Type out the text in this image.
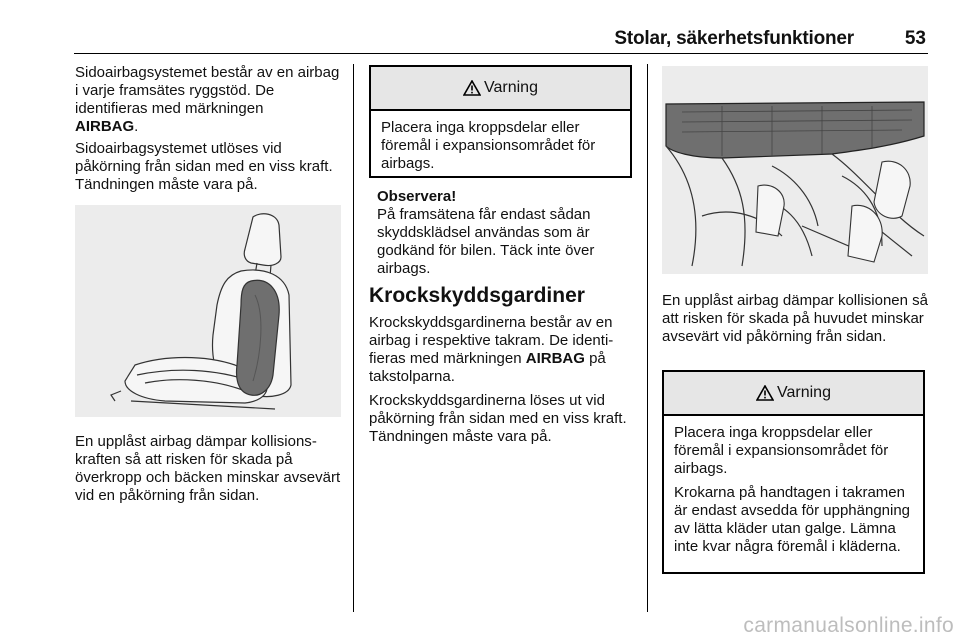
Stolar, säkerhetsfunktioner	53

Sidoairbagsystemet består av en airbag i varje framsätes ryggstöd. De identifieras med märkningen
AIRBAG.

Sidoairbagsystemet utlöses vid påkörning från sidan med en viss kraft. Tändningen måste vara på.

En upplåst airbag dämpar kollisionskraften så att risken för skada på överkropp och bäcken minskar avsevärt vid en påkörning från sidan.

Varning

Placera inga kroppsdelar eller föremål i expansionsområdet för airbags.

Observera!

På framsätena får endast sådan skyddsklädsel användas som är godkänd för bilen. Täck inte över airbags.

Krockskyddsgardiner

Krockskyddsgardinerna består av en airbag i respektive takram. De identifieras med märkningen AIRBAG på takstolparna.

Krockskyddsgardinerna löses ut vid påkörning från sidan med en viss kraft. Tändningen måste vara på.

En upplåst airbag dämpar kollisionen så att risken för skada på huvudet minskar avsevärt vid påkörning från sidan.

Varning

Placera inga kroppsdelar eller föremål i expansionsområdet för airbags.

Krokarna på handtagen i takramen är endast avsedda för upphängning av lätta kläder utan galge. Lämna inte kvar några föremål i kläderna.

carmanualsonline.info
